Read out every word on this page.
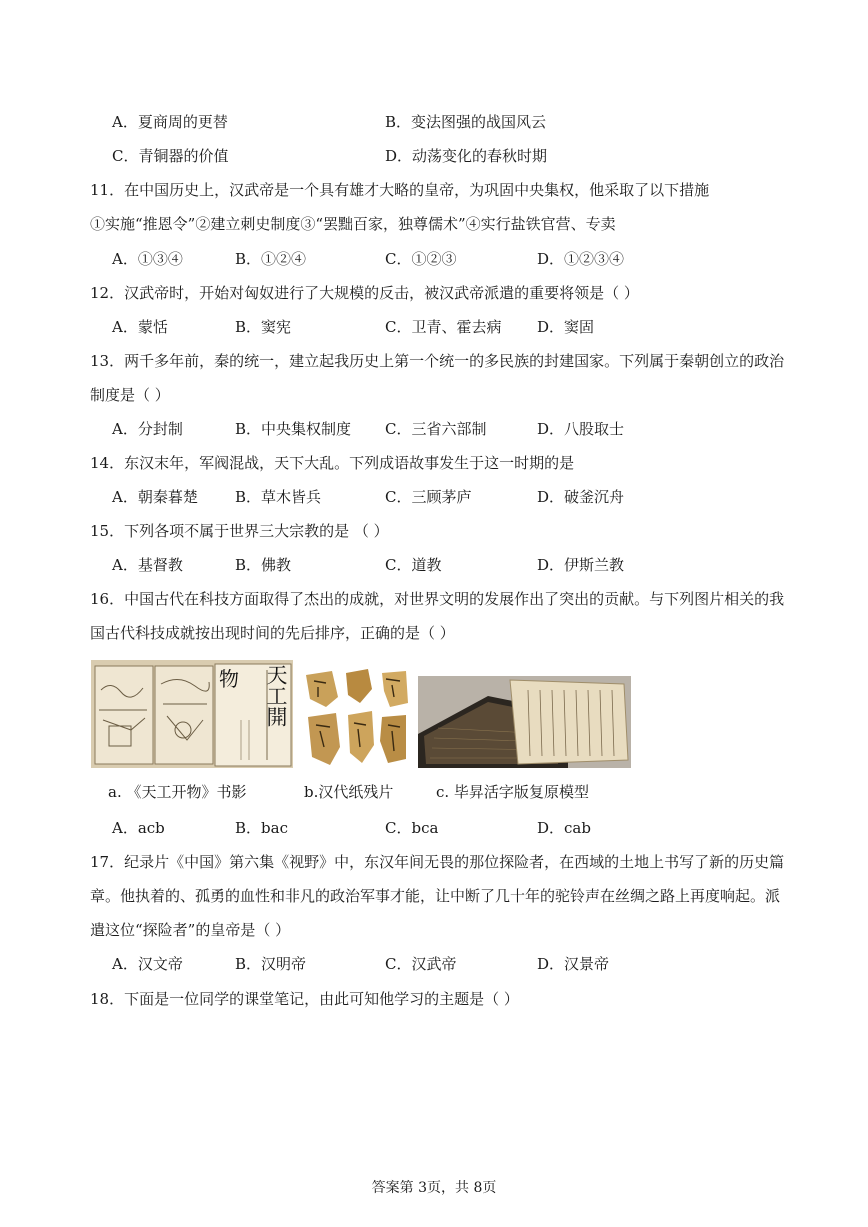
A．夏商周的更替	B．变法图强的战国风云
C．青铜器的价值	D．动荡变化的春秋时期
11．在中国历史上，汉武帝是一个具有雄才大略的皇帝，为巩固中央集权，他采取了以下措施
①实施“推恩令”②建立刺史制度③“罢黜百家，独尊儒术”④实行盐铁官营、专卖
A．①③④	B．①②④	C．①②③	D．①②③④
12．汉武帝时，开始对匈奴进行了大规模的反击，被汉武帝派遣的重要将领是（ ）
A．蒙恬	B．窦宪	C．卫青、霍去病 D．窦固
13．两千多年前，秦的统一，建立起我历史上第一个统一的多民族的封建国家。下列属于秦朝创立的政治
制度是（ ）
A．分封制	B．中央集权制度 C．三省六部制	D．八股取士
14．东汉末年，军阀混战，天下大乱。下列成语故事发生于这一时期的是
A．朝秦暮楚 B．草木皆兵	C．三顾茅庐	D．破釜沉舟
15．下列各项不属于世界三大宗教的是 （ ）
A．基督教	B．佛教	C．道教	D．伊斯兰教
16．中国古代在科技方面取得了杰出的成就，对世界文明的发展作出了突出的贡献。与下列图片相关的我
国古代科技成就按出现时间的先后排序，正确的是（ ）
天工開
物
a. 《天工开物》书影	b.汉代纸残片	c. 毕昇活字版复原模型
A．acb	B．bac	C．bca	D．cab
17．纪录片《中国》第六集《视野》中，东汉年间无畏的那位探险者，在西域的土地上书写了新的历史篇
章。他执着的、孤勇的血性和非凡的政治军事才能，让中断了几十年的驼铃声在丝绸之路上再度响起。派
遣这位“探险者”的皇帝是（ ）
A．汉文帝	B．汉明帝	C．汉武帝	D．汉景帝
18．下面是一位同学的课堂笔记，由此可知他学习的主题是（ ）
答案第 3页，共 8页
